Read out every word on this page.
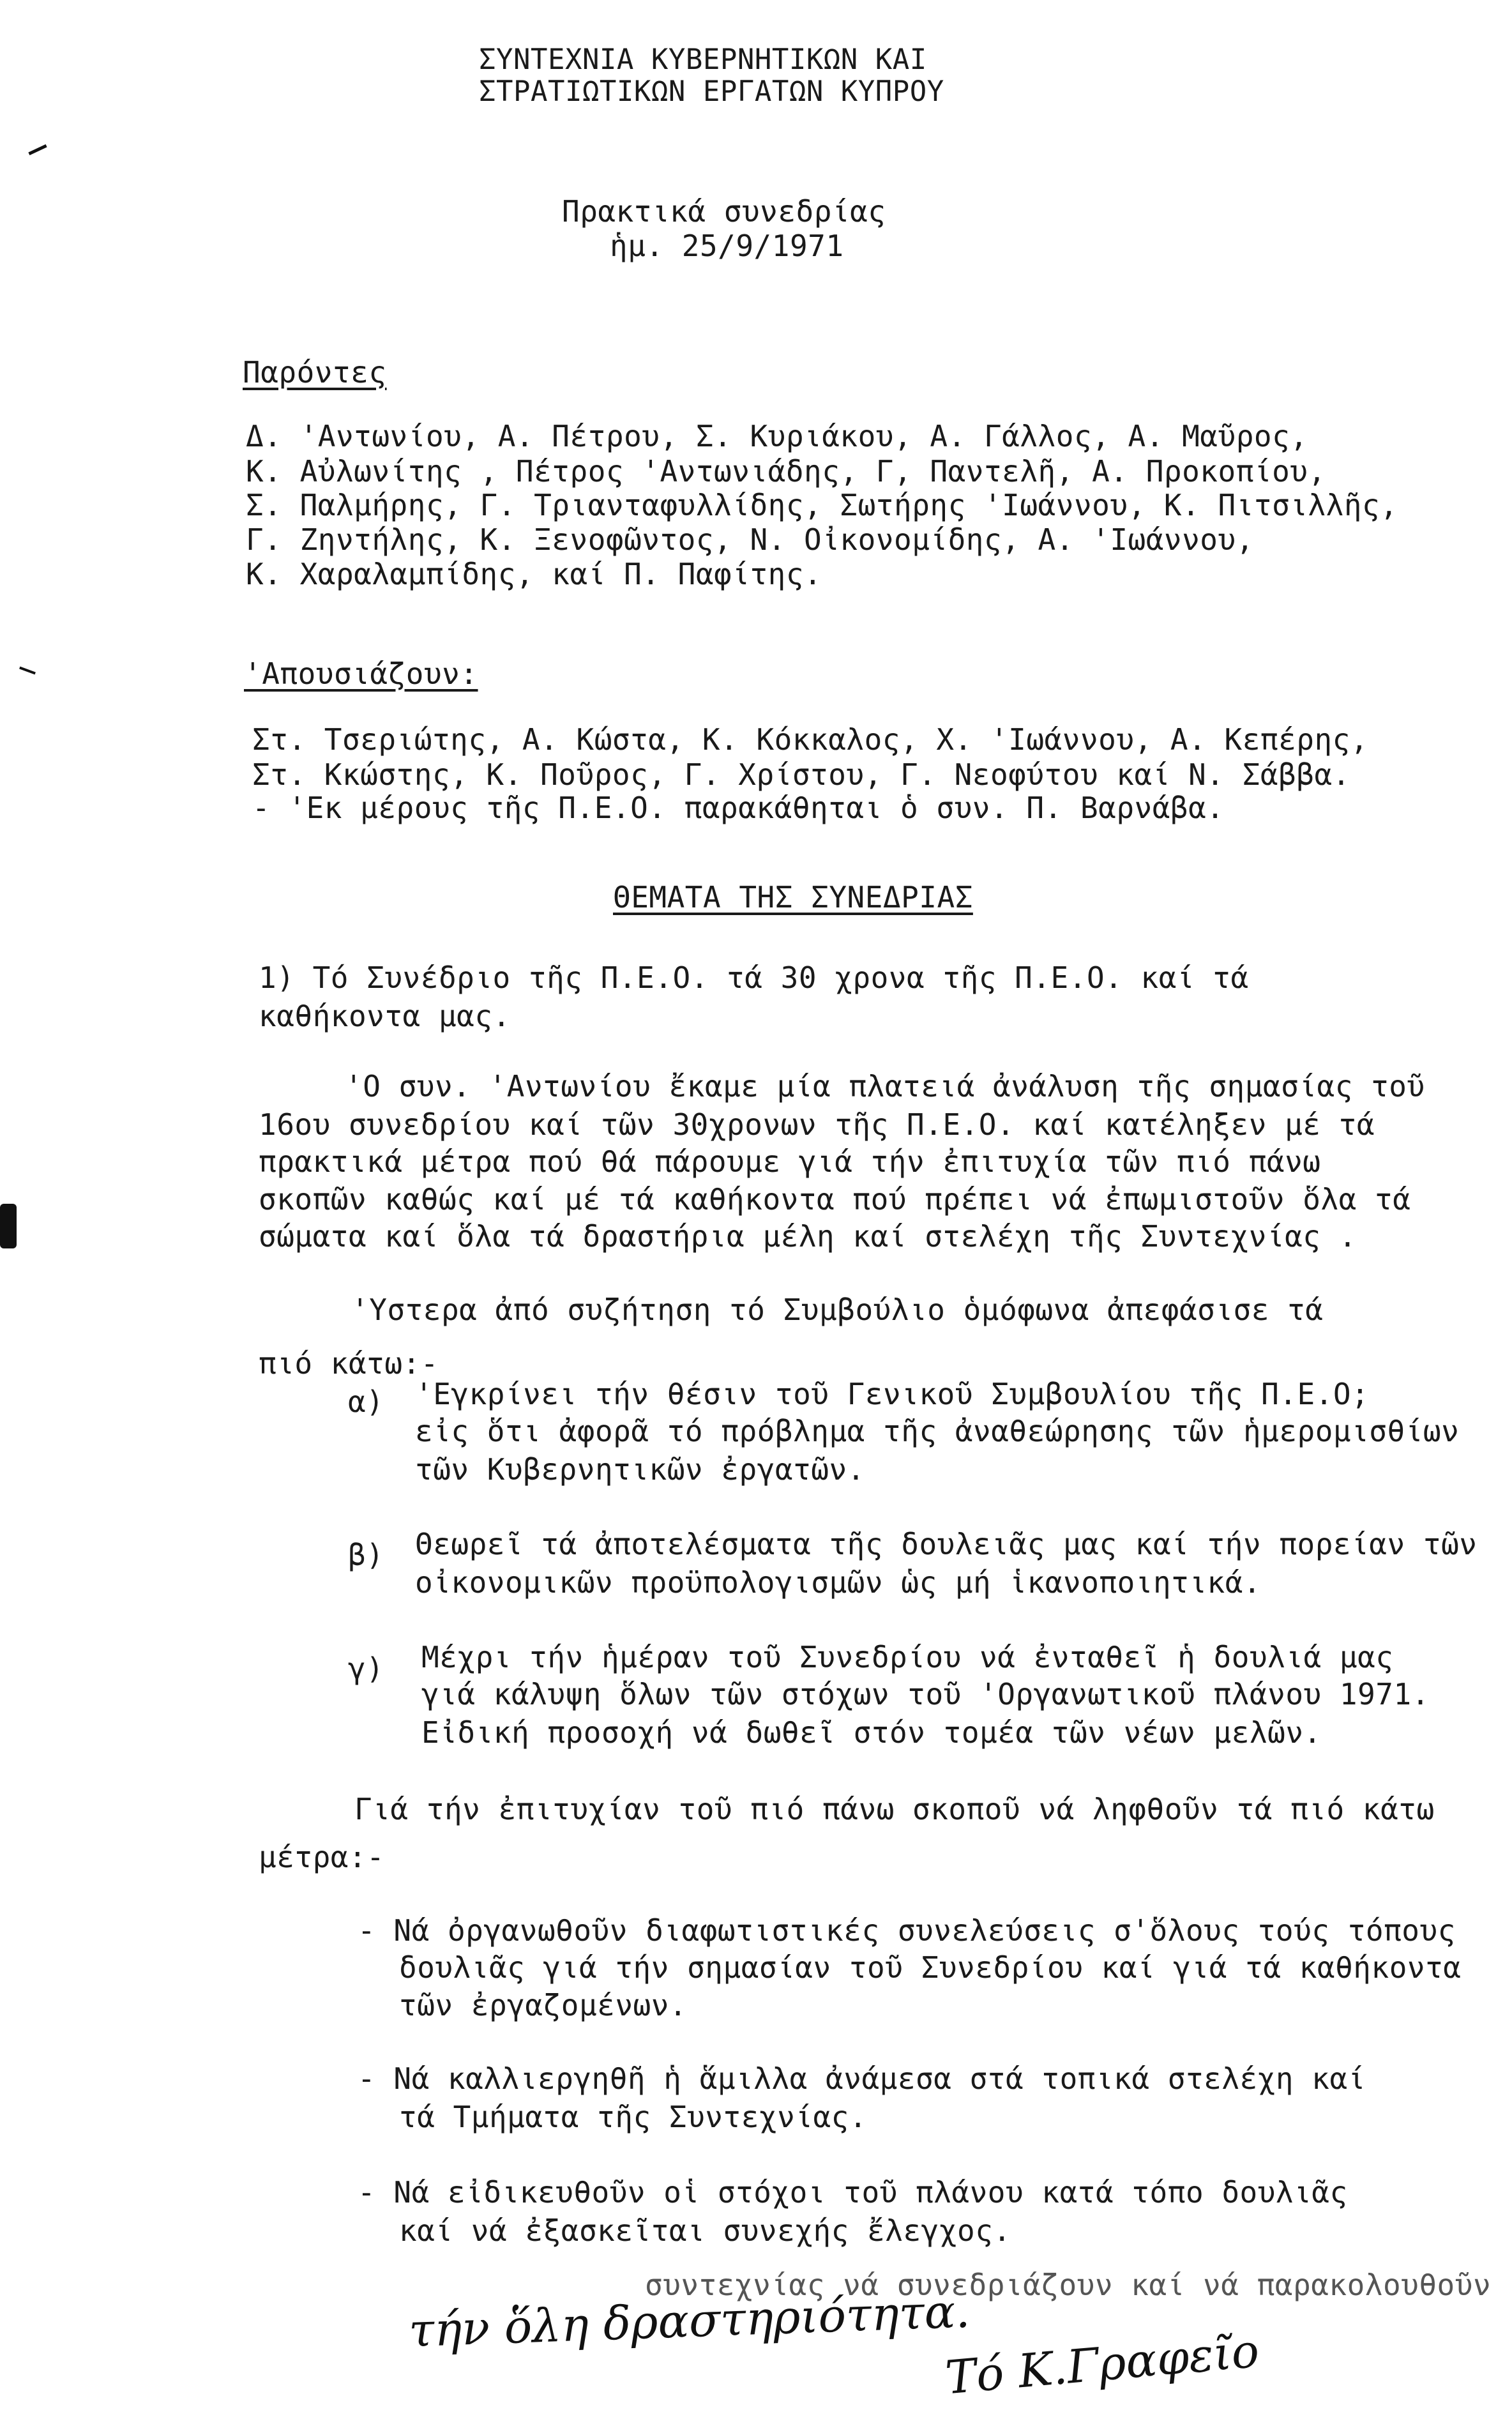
ΣΥΝΤΕΧΝΙΑ ΚΥΒΕΡΝΗΤΙΚΩΝ ΚΑΙ
ΣΤΡΑΤΙΩΤΙΚΩΝ ΕΡΓΑΤΩΝ ΚΥΠΡΟΥ
Πρακτικά συνεδρίας
ἡμ. 25/9/1971
Παρόντες
Δ. 'Αντωνίου, Α. Πέτρου, Σ. Κυριάκου, Α. Γάλλος, Α. Μαῦρος,
Κ. Αὐλωνίτης , Πέτρος 'Αντωνιάδης, Γ, Παντελῆ, Α. Προκοπίου,
Σ. Παλμήρης, Γ. Τριανταφυλλίδης, Σωτήρης 'Ιωάννου, Κ. Πιτσιλλῆς,
Γ. Ζηντήλης, Κ. Ξενοφῶντος, Ν. Οἰκονομίδης, Α. 'Ιωάννου,
Κ. Χαραλαμπίδης, καί Π. Παφίτης.
'Απουσιάζουν:
Στ. Τσεριώτης, Α. Κώστα, Κ. Κόκκαλος, Χ. 'Ιωάννου, Α. Κεπέρης,
Στ. Κκώστης, Κ. Ποῦρος, Γ. Χρίστου, Γ. Νεοφύτου καί Ν. Σάββα.
- 'Εκ μέρους τῆς Π.Ε.Ο. παρακάθηται ὁ συν. Π. Βαρνάβα.
ΘΕΜΑΤΑ ΤΗΣ ΣΥΝΕΔΡΙΑΣ
1) Τό Συνέδριο τῆς Π.Ε.Ο. τά 30 χρονα τῆς Π.Ε.Ο. καί τά
καθήκοντα μας.
'Ο συν. 'Αντωνίου ἔκαμε μία πλατειά ἀνάλυση τῆς σημασίας τοῦ
16ου συνεδρίου καί τῶν 30χρονων τῆς Π.Ε.Ο. καί κατέληξεν μέ τά
πρακτικά μέτρα πού θά πάρουμε γιά τήν ἐπιτυχία τῶν πιό πάνω
σκοπῶν καθώς καί μέ τά καθήκοντα πού πρέπει νά ἐπωμιστοῦν ὅλα τά
σώματα καί ὅλα τά δραστήρια μέλη καί στελέχη τῆς Συντεχνίας .
'Υστερα ἀπό συζήτηση τό Συμβούλιο ὁμόφωνα ἀπεφάσισε τά
πιό κάτω:-
α) 'Εγκρίνει τήν θέσιν τοῦ Γενικοῦ Συμβουλίου τῆς Π.Ε.Ο;
εἰς ὅτι ἀφορᾶ τό πρόβλημα τῆς ἀναθεώρησης τῶν ἡμερομισθίων
τῶν Κυβερνητικῶν ἐργατῶν.
β) Θεωρεῖ τά ἀποτελέσματα τῆς δουλειᾶς μας καί τήν πορείαν τῶν
οἰκονομικῶν προϋπολογισμῶν ὡς μή ἱκανοποιητικά.
γ) Μέχρι τήν ἡμέραν τοῦ Συνεδρίου νά ἐνταθεῖ ἡ δουλιά μας
γιά κάλυψη ὅλων τῶν στόχων τοῦ 'Οργανωτικοῦ πλάνου 1971.
Εἰδική προσοχή νά δωθεῖ στόν τομέα τῶν νέων μελῶν.
Γιά τήν ἐπιτυχίαν τοῦ πιό πάνω σκοποῦ νά ληφθοῦν τά πιό κάτω
μέτρα:-
- Νά ὀργανωθοῦν διαφωτιστικές συνελεύσεις σ'ὅλους τούς τόπους
δουλιᾶς γιά τήν σημασίαν τοῦ Συνεδρίου καί γιά τά καθήκοντα
τῶν ἐργαζομένων.
- Νά καλλιεργηθῆ ἡ ἅμιλλα ἀνάμεσα στά τοπικά στελέχη καί
τά Τμήματα τῆς Συντεχνίας.
- Νά εἰδικευθοῦν οἱ στόχοι τοῦ πλάνου κατά τόπο δουλιᾶς
καί νά ἐξασκεῖται συνεχής ἔλεγχος.
συντεχνίας νά συνεδριάζουν καί νά παρακολουθοῦν
τήν ὅλη δραστηριότητα.
Τό Κ.Γραφεῖο
